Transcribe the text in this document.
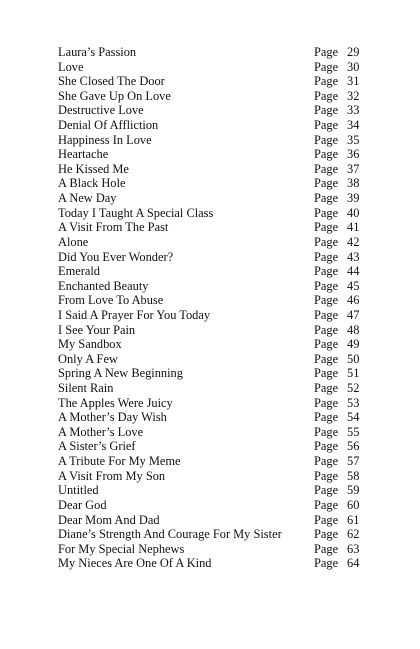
Laura’s Passion	Page 29
Love	Page 30
She Closed The Door	Page 31
She Gave Up On Love	Page 32
Destructive Love	Page 33
Denial Of Affliction	Page 34
Happiness In Love	Page 35
Heartache	Page 36
He Kissed Me	Page 37
A Black Hole	Page 38
A New Day	Page 39
Today I Taught A Special Class	Page 40
A Visit From The Past	Page 41
Alone	Page 42
Did You Ever Wonder?	Page 43
Emerald	Page 44
Enchanted Beauty	Page 45
From Love To Abuse	Page 46
I Said A Prayer For You Today	Page 47
I See Your Pain	Page 48
My Sandbox	Page 49
Only A Few	Page 50
Spring A New Beginning	Page 51
Silent Rain	Page 52
The Apples Were Juicy	Page 53
A Mother’s Day Wish	Page 54
A Mother’s Love	Page 55
A Sister’s Grief	Page 56
A Tribute For My Meme	Page 57
A Visit From My Son	Page 58
Untitled	Page 59
Dear God	Page 60
Dear Mom And Dad	Page 61
Diane’s Strength And Courage For My Sister	Page 62
For My Special Nephews	Page 63
My Nieces Are One Of A Kind	Page 64
